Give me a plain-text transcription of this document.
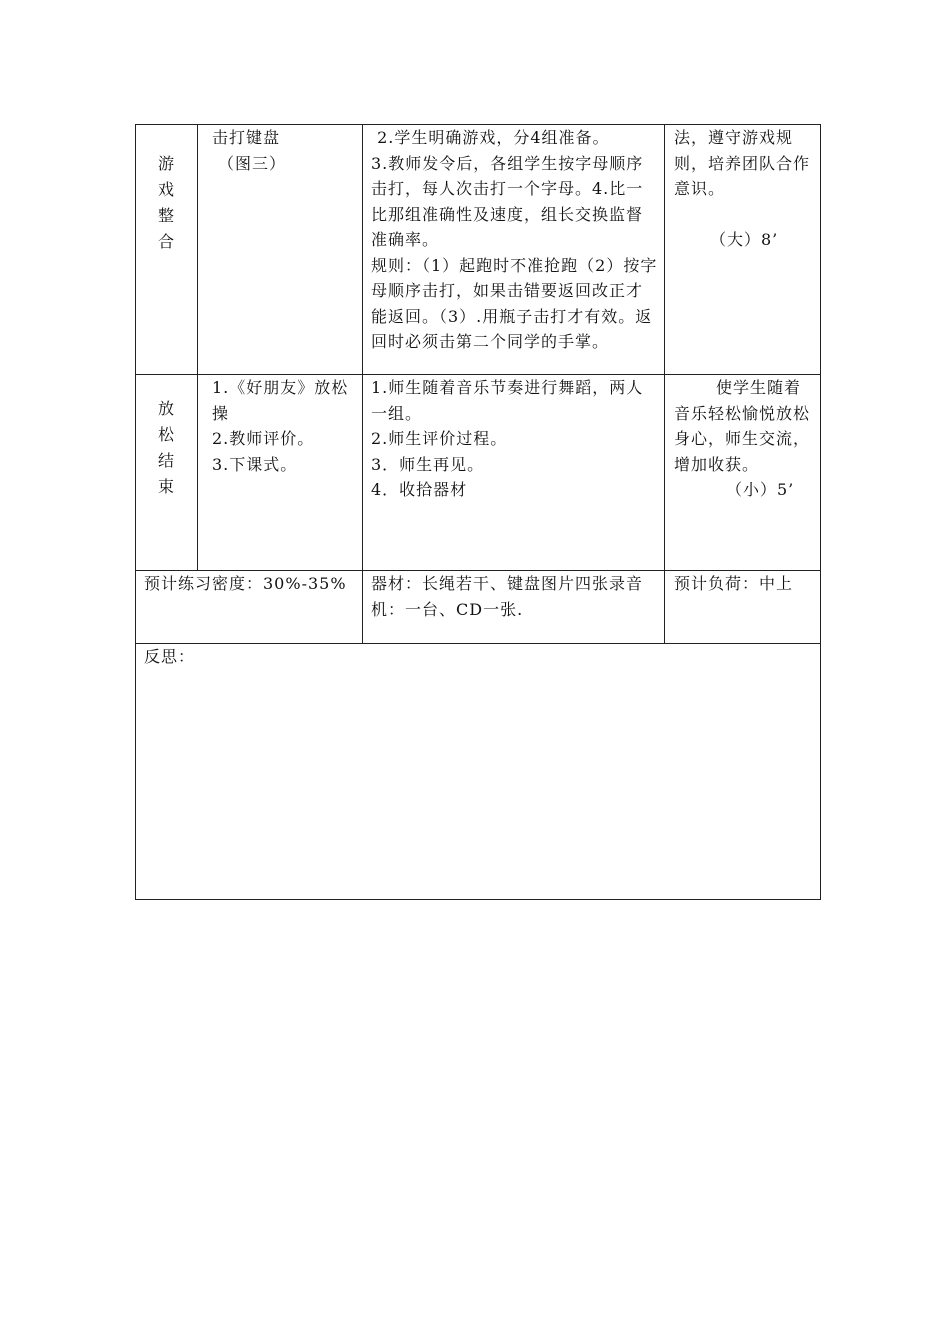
游
戏
整
合	击打键盘
（图三）	2.学生明确游戏，分4组准备。
3.教师发令后，各组学生按字母顺序击打，每人次击打一个字母。4.比一比那组准确性及速度，组长交换监督准确率。
规则：（1）起跑时不准抢跑（2）按字母顺序击打，如果击错要返回改正才能返回。（3）.用瓶子击打才有效。返回时必须击第二个同学的手掌。	法，遵守游戏规则，培养团队合作意识。
（大）8’

放
松
结
束	1.《好朋友》放松操
2.教师评价。
3.下课式。	1.师生随着音乐节奏进行舞蹈，两人一组。
2.师生评价过程。
3．师生再见。
4．收拾器材	使学生随着音乐轻松愉悦放松身心，师生交流，增加收获。
（小）5’

预计练习密度：30%-35%		器材：长绳若干、键盘图片四张录音机：一台、CD一张.	预计负荷：中上

反思：			
